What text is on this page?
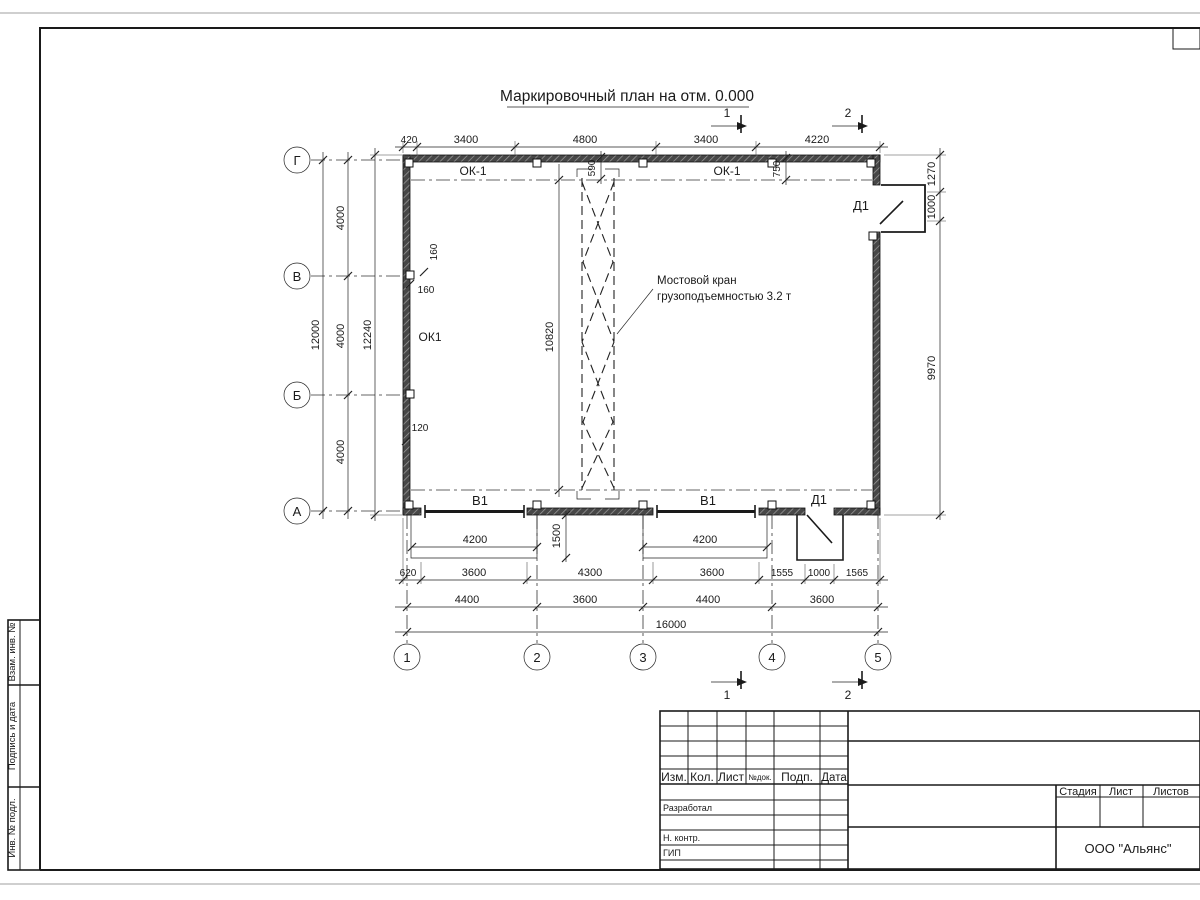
Взам. инв. №
Подпись и дата
Инв. № подл.
Изм. Кол. Лист №док. Подп. Дата
Разработал
Н. контр.
ГИП
Стадия Лист Листов
ООО "Альянс"
Маркировочный план на отм. 0.000
Мостовой кран
грузоподъемностью 3.2 т
420	3400	4800	3400	4220
4000
4000
4000
12000	12240
1270
1000
9970
620	3600	4300	3600	1555 1000 1565
4400	3600	4400	3600
16000
10820
590	750
160
160
120
4200	4200
1500
ОК-1	ОК-1
ОК1
В1	В1
Д1
Д1
Г
В
Б
А
1	2	3	4	5
1	2
1	2
